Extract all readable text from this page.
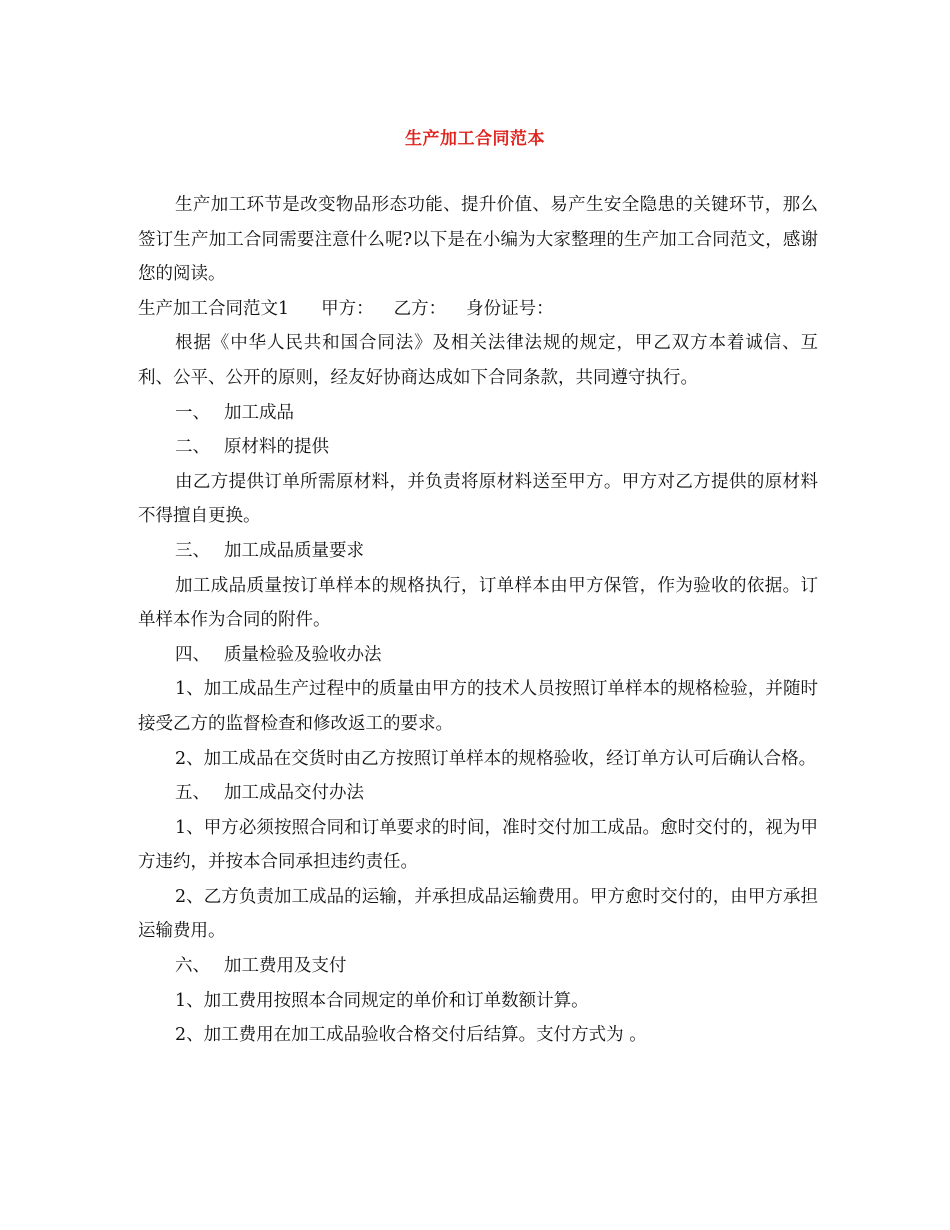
生产加工合同范本

生产加工环节是改变物品形态功能、提升价值、易产生安全隐患的关键环节，那么签订生产加工合同需要注意什么呢?以下是在小编为大家整理的生产加工合同范文，感谢您的阅读。

生产加工合同范文1 甲方： 乙方： 身份证号：

根据《中华人民共和国合同法》及相关法律法规的规定，甲乙双方本着诚信、互利、公平、公开的原则，经友好协商达成如下合同条款，共同遵守执行。

一、 加工成品

二、 原材料的提供

由乙方提供订单所需原材料，并负责将原材料送至甲方。甲方对乙方提供的原材料不得擅自更换。

三、 加工成品质量要求

加工成品质量按订单样本的规格执行，订单样本由甲方保管，作为验收的依据。订单样本作为合同的附件。

四、 质量检验及验收办法

1、加工成品生产过程中的质量由甲方的技术人员按照订单样本的规格检验，并随时接受乙方的监督检查和修改返工的要求。

2、加工成品在交货时由乙方按照订单样本的规格验收，经订单方认可后确认合格。

五、 加工成品交付办法

1、甲方必须按照合同和订单要求的时间，准时交付加工成品。愈时交付的，视为甲方违约，并按本合同承担违约责任。

2、乙方负责加工成品的运输，并承担成品运输费用。甲方愈时交付的，由甲方承担运输费用。

六、 加工费用及支付

1、加工费用按照本合同规定的单价和订单数额计算。

2、加工费用在加工成品验收合格交付后结算。支付方式为 。
